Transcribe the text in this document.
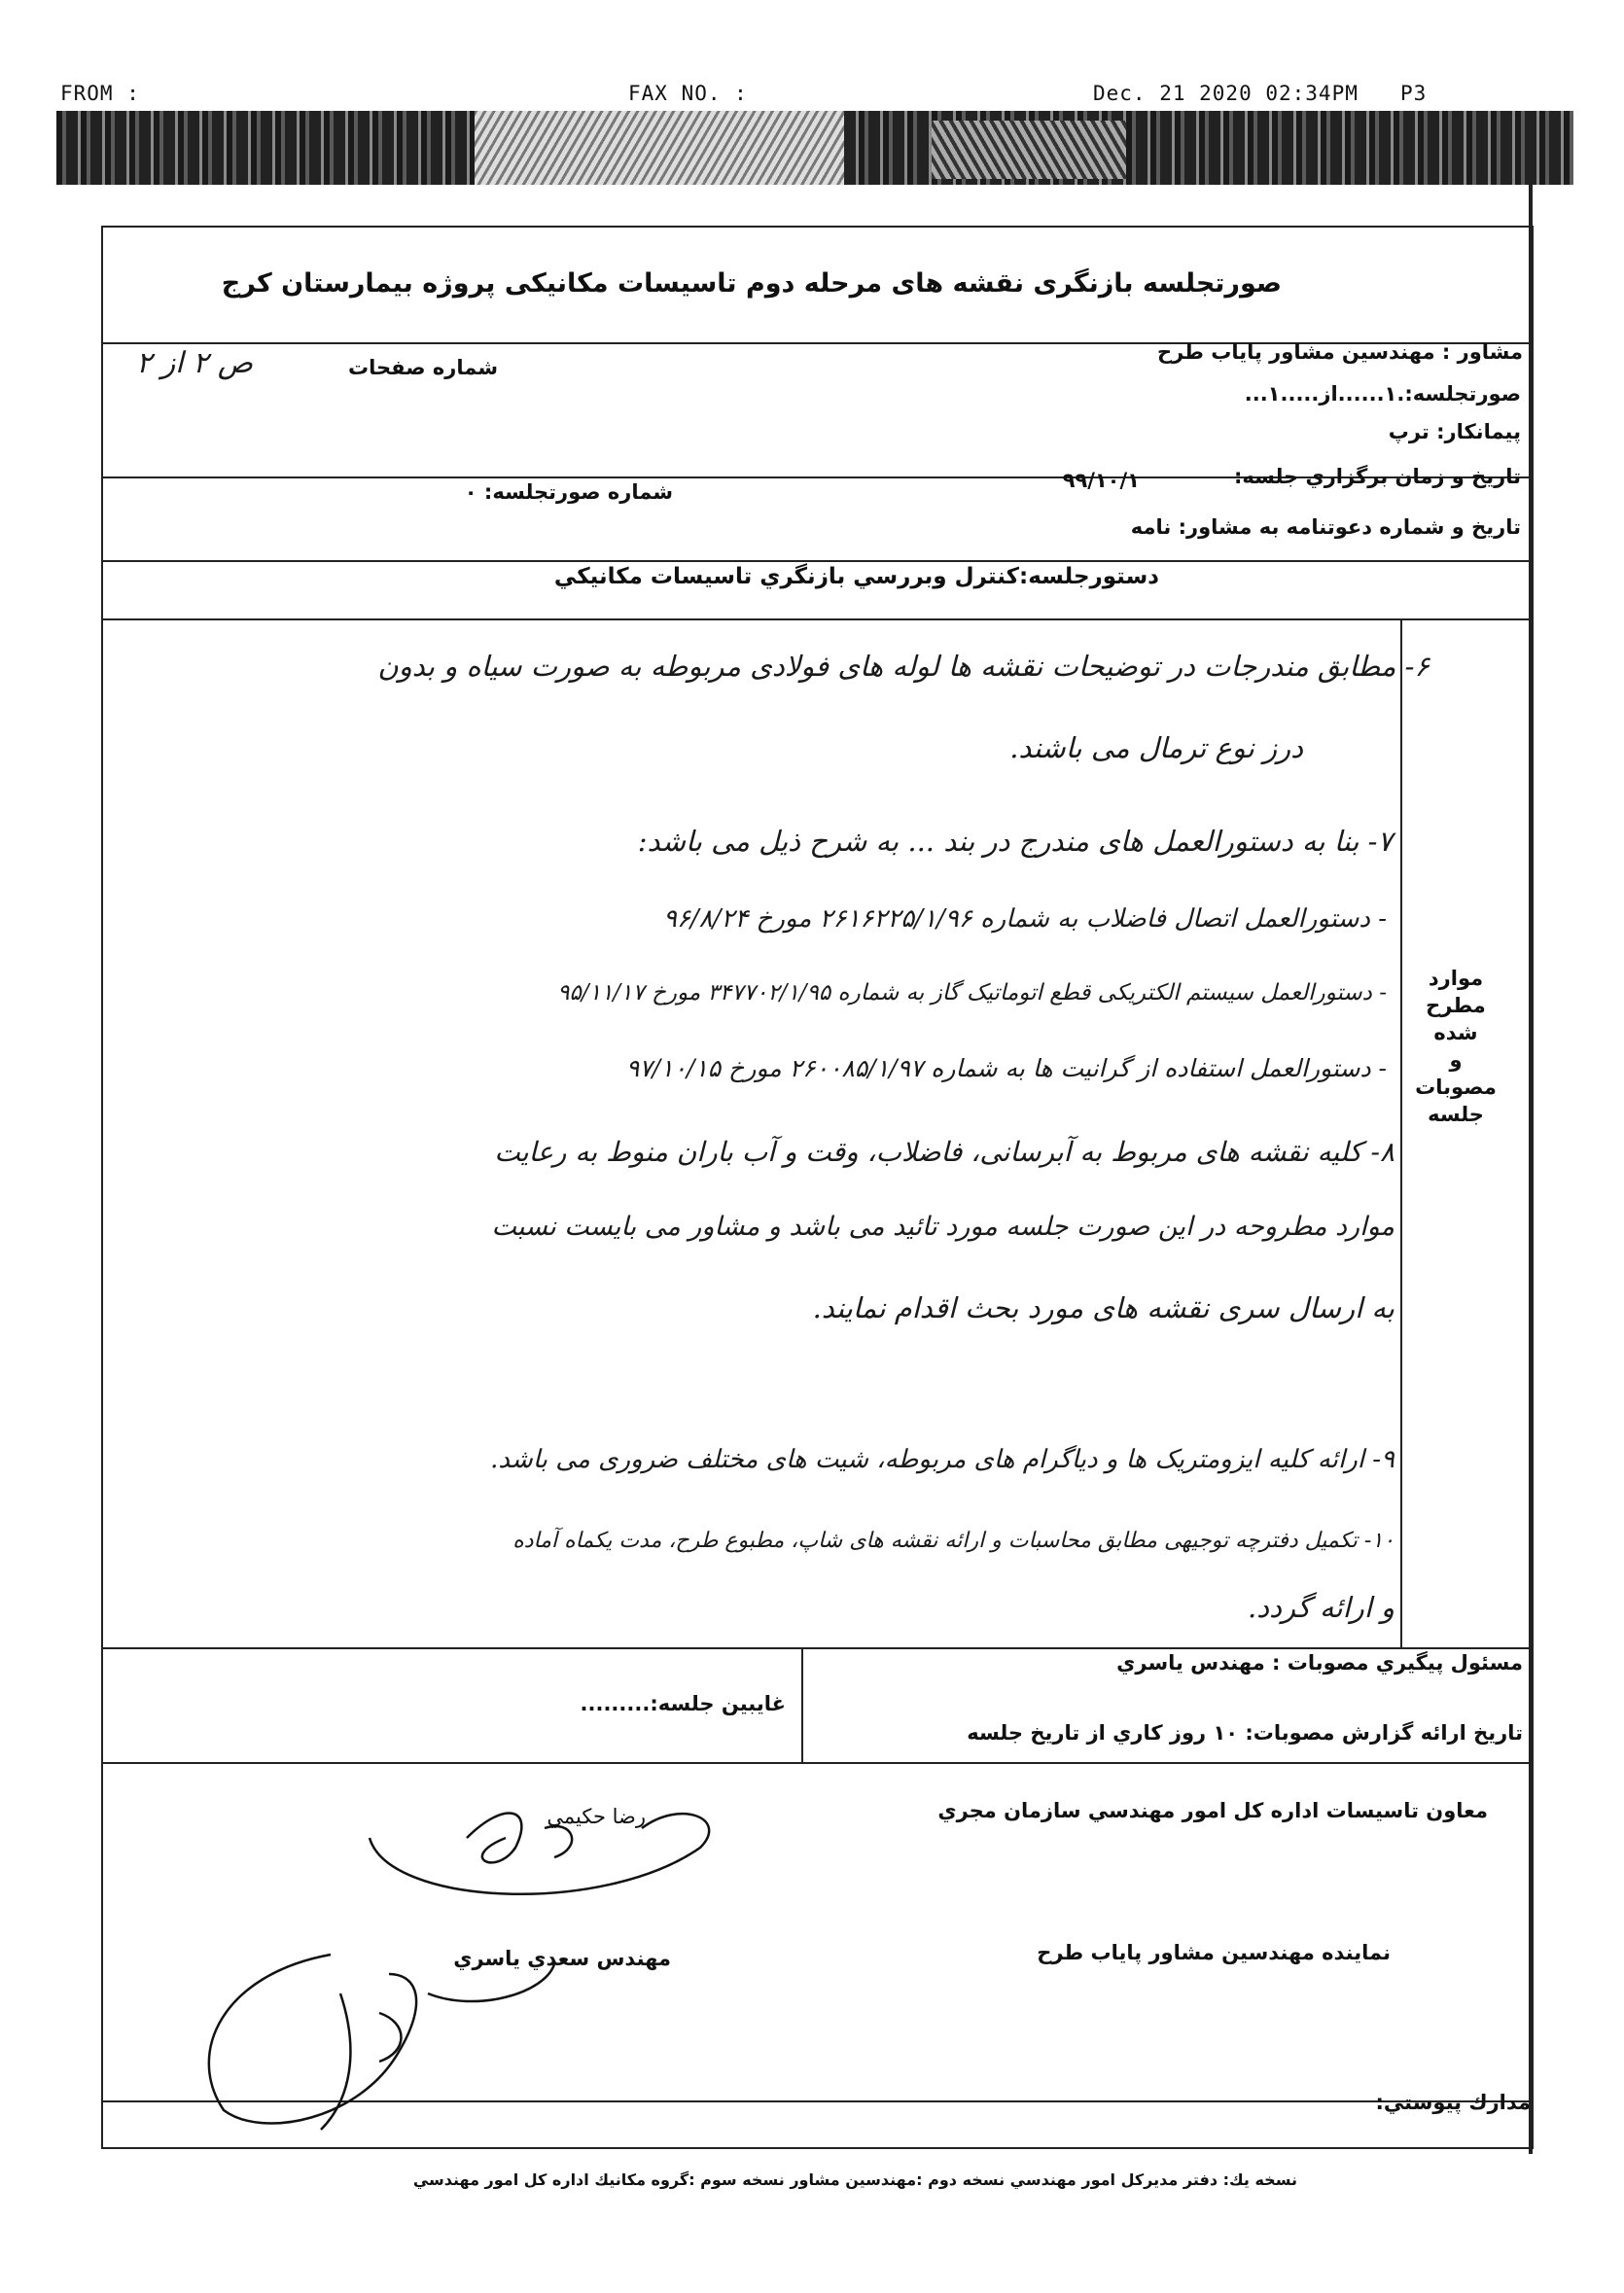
FROM :	FAX NO. :	Dec. 21 2020 02:34PM P3
صورتجلسه بازنگری نقشه های مرحله دوم تاسیسات مکانیکی پروژه بیمارستان کرج
مشاور : مهندسین مشاور پایاب طرح
صورتجلسه:.۱......از.....۱...
پیمانکار: ترپ
شماره صفحات
ص ۲ از ۲
تاريخ و زمان برگزاري جلسه:
۹۹/۱۰/۱
شماره صورتجلسه: ۰
تاريخ و شماره دعوتنامه به مشاور: نامه
دستورجلسه:كنترل وبررسي بازنگري تاسيسات مكانيكي
موارد
مطرح
شده
و
مصوبات
جلسه
۶- مطابق مندرجات در توضیحات نقشه ها لوله های فولادی مربوطه به صورت سیاه و بدون
درز نوع ترمال می باشند.
۷- بنا به دستورالعمل های مندرج در بند ... به شرح ذیل می باشد:
- دستورالعمل اتصال فاضلاب به شماره ۲۶۱۶۲۲۵/۱/۹۶ مورخ ۹۶/۸/۲۴
- دستورالعمل سیستم الکتریکی قطع اتوماتیک گاز به شماره ۳۴۷۷۰۲/۱/۹۵ مورخ ۹۵/۱۱/۱۷
- دستورالعمل استفاده از گرانیت ها به شماره ۲۶۰۰۸۵/۱/۹۷ مورخ ۹۷/۱۰/۱۵
۸- کلیه نقشه های مربوط به آبرسانی، فاضلاب، وقت و آب باران منوط به رعایت
موارد مطروحه در این صورت جلسه مورد تائید می باشد و مشاور می بایست نسبت
به ارسال سری نقشه های مورد بحث اقدام نمایند.
۹- ارائه کلیه ایزومتریک ها و دیاگرام های مربوطه، شیت های مختلف ضروری می باشد.
۱۰- تکمیل دفترچه توجیهی مطابق محاسبات و ارائه نقشه های شاپ، مطبوع طرح، مدت یکماه آماده
و ارائه گردد.
مسئول پيگيري مصوبات : مهندس ياسري
غايبين جلسه:.........
تاريخ ارائه گزارش مصوبات: ۱۰ روز كاري از تاريخ جلسه
معاون تاسيسات اداره كل امور مهندسي سازمان مجري
رضا حكيمي
نماينده مهندسين مشاور پاياب طرح
مهندس سعدي ياسري
مدارك پيوستي:
نسخه يك: دفتر مديركل امور مهندسي نسخه دوم :مهندسين مشاور نسخه سوم :گروه مكانيك اداره كل امور مهندسي
